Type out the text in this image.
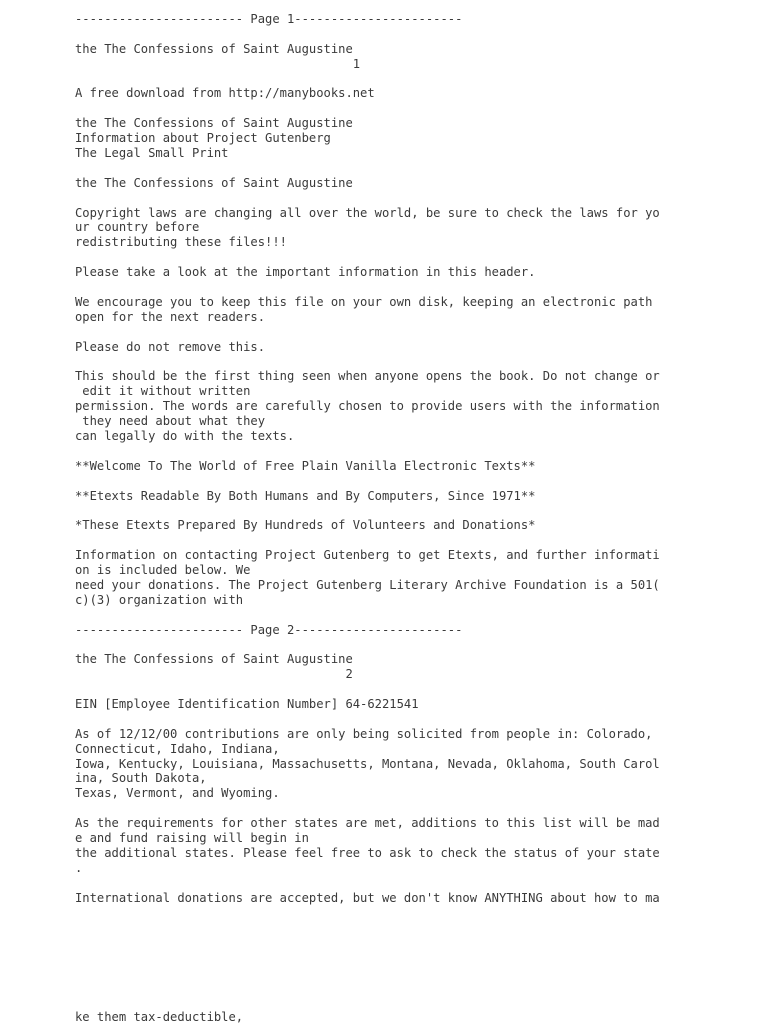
----------------------- Page 1-----------------------
the The Confessions of Saint Augustine
1
A free download from http://manybooks.net
the The Confessions of Saint Augustine
Information about Project Gutenberg
The Legal Small Print
the The Confessions of Saint Augustine
Copyright laws are changing all over the world, be sure to check the laws for yo
ur country before
redistributing these files!!!
Please take a look at the important information in this header.
We encourage you to keep this file on your own disk, keeping an electronic path
open for the next readers.
Please do not remove this.
This should be the first thing seen when anyone opens the book. Do not change or
edit it without written
permission. The words are carefully chosen to provide users with the information
they need about what they
can legally do with the texts.
**Welcome To The World of Free Plain Vanilla Electronic Texts**
**Etexts Readable By Both Humans and By Computers, Since 1971**
*These Etexts Prepared By Hundreds of Volunteers and Donations*
Information on contacting Project Gutenberg to get Etexts, and further informati
on is included below. We
need your donations. The Project Gutenberg Literary Archive Foundation is a 501(
c)(3) organization with
----------------------- Page 2-----------------------
the The Confessions of Saint Augustine
2
EIN [Employee Identification Number] 64-6221541
As of 12/12/00 contributions are only being solicited from people in: Colorado,
Connecticut, Idaho, Indiana,
Iowa, Kentucky, Louisiana, Massachusetts, Montana, Nevada, Oklahoma, South Carol
ina, South Dakota,
Texas, Vermont, and Wyoming.
As the requirements for other states are met, additions to this list will be mad
e and fund raising will begin in
the additional states. Please feel free to ask to check the status of your state
.
International donations are accepted, but we don't know ANYTHING about how to ma
ke them tax-deductible,
